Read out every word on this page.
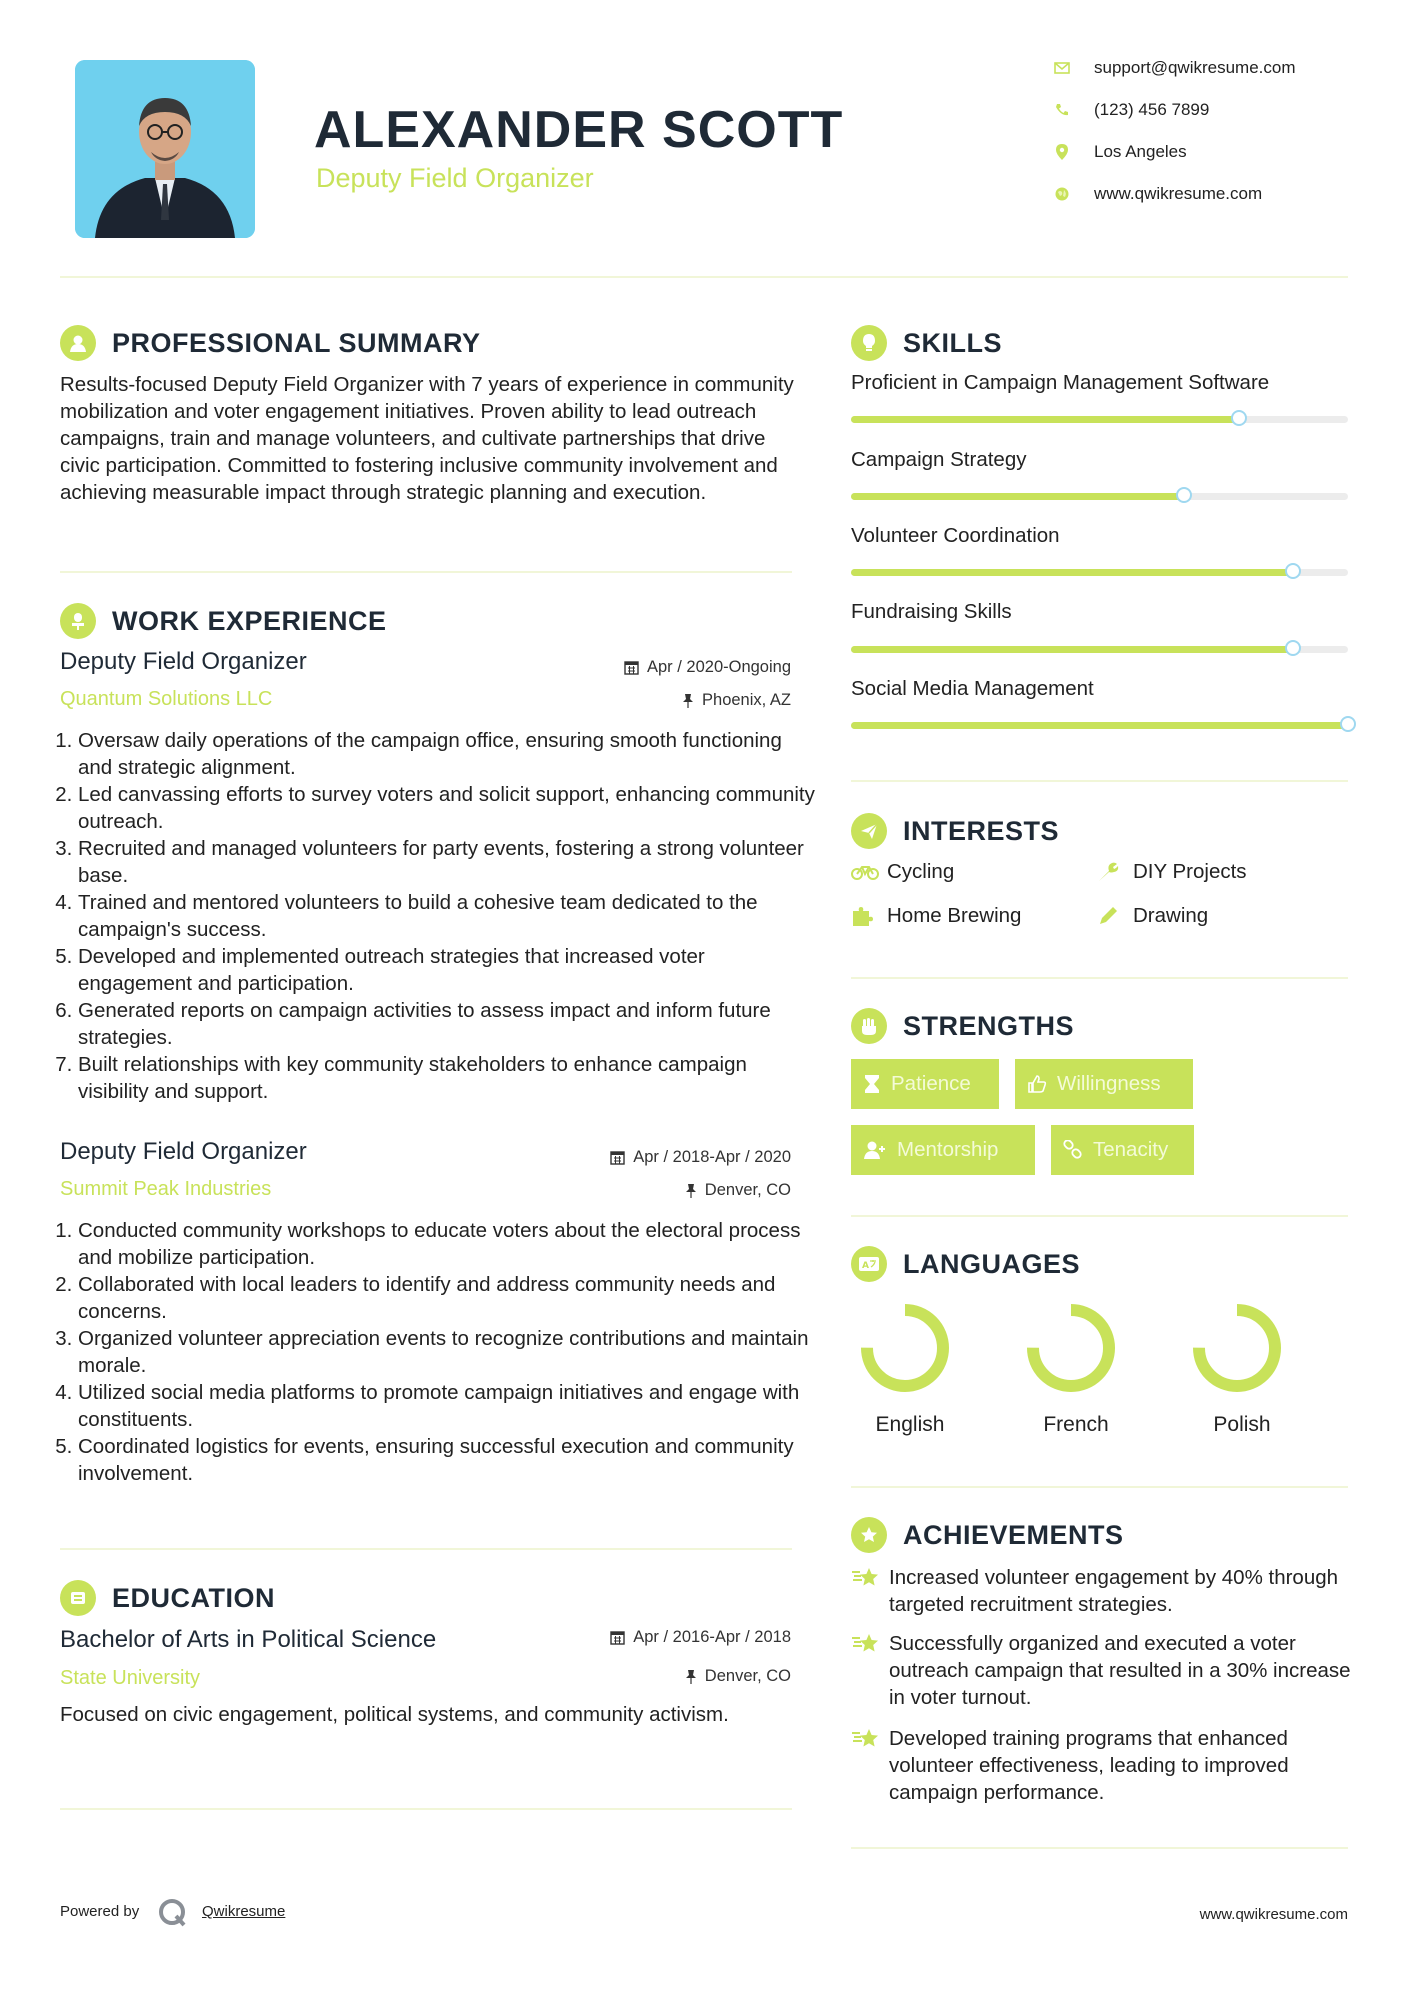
ALEXANDER SCOTT
Deputy Field Organizer
support@qwikresume.com
(123) 456 7899
Los Angeles
www.qwikresume.com
PROFESSIONAL SUMMARY
Results-focused Deputy Field Organizer with 7 years of experience in community mobilization and voter engagement initiatives. Proven ability to lead outreach campaigns, train and manage volunteers, and cultivate partnerships that drive civic participation. Committed to fostering inclusive community involvement and achieving measurable impact through strategic planning and execution.
WORK EXPERIENCE
Deputy Field Organizer
Quantum Solutions LLC
Apr / 2020-Ongoing
Phoenix, AZ
1. Oversaw daily operations of the campaign office, ensuring smooth functioning and strategic alignment.
2. Led canvassing efforts to survey voters and solicit support, enhancing community outreach.
3. Recruited and managed volunteers for party events, fostering a strong volunteer base.
4. Trained and mentored volunteers to build a cohesive team dedicated to the campaign's success.
5. Developed and implemented outreach strategies that increased voter engagement and participation.
6. Generated reports on campaign activities to assess impact and inform future strategies.
7. Built relationships with key community stakeholders to enhance campaign visibility and support.
Deputy Field Organizer
Summit Peak Industries
Apr / 2018-Apr / 2020
Denver, CO
1. Conducted community workshops to educate voters about the electoral process and mobilize participation.
2. Collaborated with local leaders to identify and address community needs and concerns.
3. Organized volunteer appreciation events to recognize contributions and maintain morale.
4. Utilized social media platforms to promote campaign initiatives and engage with constituents.
5. Coordinated logistics for events, ensuring successful execution and community involvement.
EDUCATION
Bachelor of Arts in Political Science
State University
Apr / 2016-Apr / 2018
Denver, CO
Focused on civic engagement, political systems, and community activism.
SKILLS
Proficient in Campaign Management Software
Campaign Strategy
Volunteer Coordination
Fundraising Skills
Social Media Management
INTERESTS
Cycling	DIY Projects
Home Brewing	Drawing
STRENGTHS
Patience	Willingness
Mentorship	Tenacity
A LANGUAGES
English	French	Polish
ACHIEVEMENTS
Increased volunteer engagement by 40% through targeted recruitment strategies.
Successfully organized and executed a voter outreach campaign that resulted in a 30% increase in voter turnout.
Developed training programs that enhanced volunteer effectiveness, leading to improved campaign performance.
Powered by	Qwikresume	www.qwikresume.com
